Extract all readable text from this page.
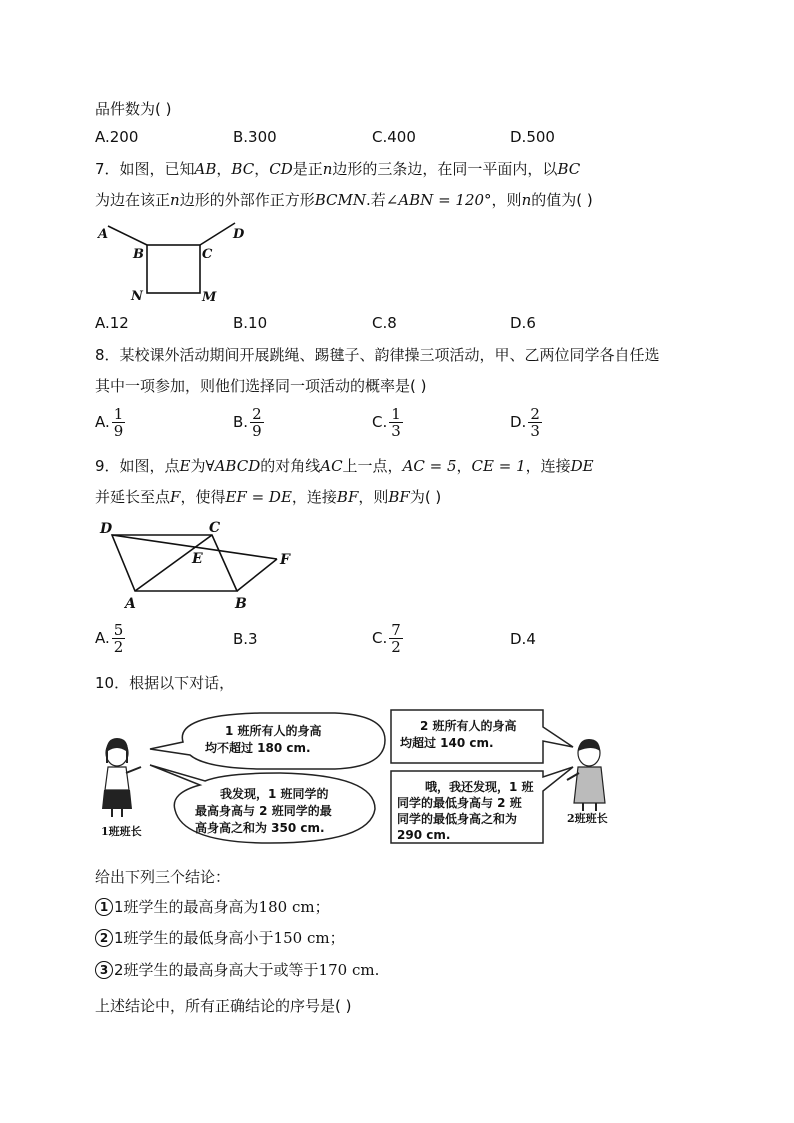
品件数为( )
A.200	B.300	C.400	D.500
7．如图，已知AB，BC，CD是正n边形的三条边，在同一平面内，以BC
为边在该正n边形的外部作正方形BCMN.若∠ABN = 120°，则n的值为( )
A
B	C
D
N	M
A.12	B.10	C.8	D.6
8．某校课外活动期间开展跳绳、踢毽子、韵律操三项活动，甲、乙两位同学各自任选
其中一项参加，则他们选择同一项活动的概率是( )
A. $\frac{1}{9}$	B. $\frac{2}{9}$	C. $\frac{1}{3}$	D. $\frac{2}{3}$
9．如图，点E为∀ABCD的对角线AC上一点，AC = 5，CE = 1，连接DE
并延长至点F，使得EF = DE，连接BF，则BF为( )
D	C
E	F
A	B
A. $\frac{5}{2}$	B.3	C. $\frac{7}{2}$	D.4
10．根据以下对话，
1班班长
1 班所有人的身高
均不超过 180 cm.
我发现，1 班同学的
最高身高与 2 班同学的最
高身高之和为 350 cm.
2 班所有人的身高
均超过 140 cm.
哦，我还发现，1 班
同学的最低身高与 2 班
同学的最低身高之和为
290 cm.
2班班长
给出下列三个结论：
1 1班学生的最高身高为180 cm；
2 1班学生的最低身高小于150 cm；
3 2班学生的最高身高大于或等于170 cm.
上述结论中，所有正确结论的序号是( )
